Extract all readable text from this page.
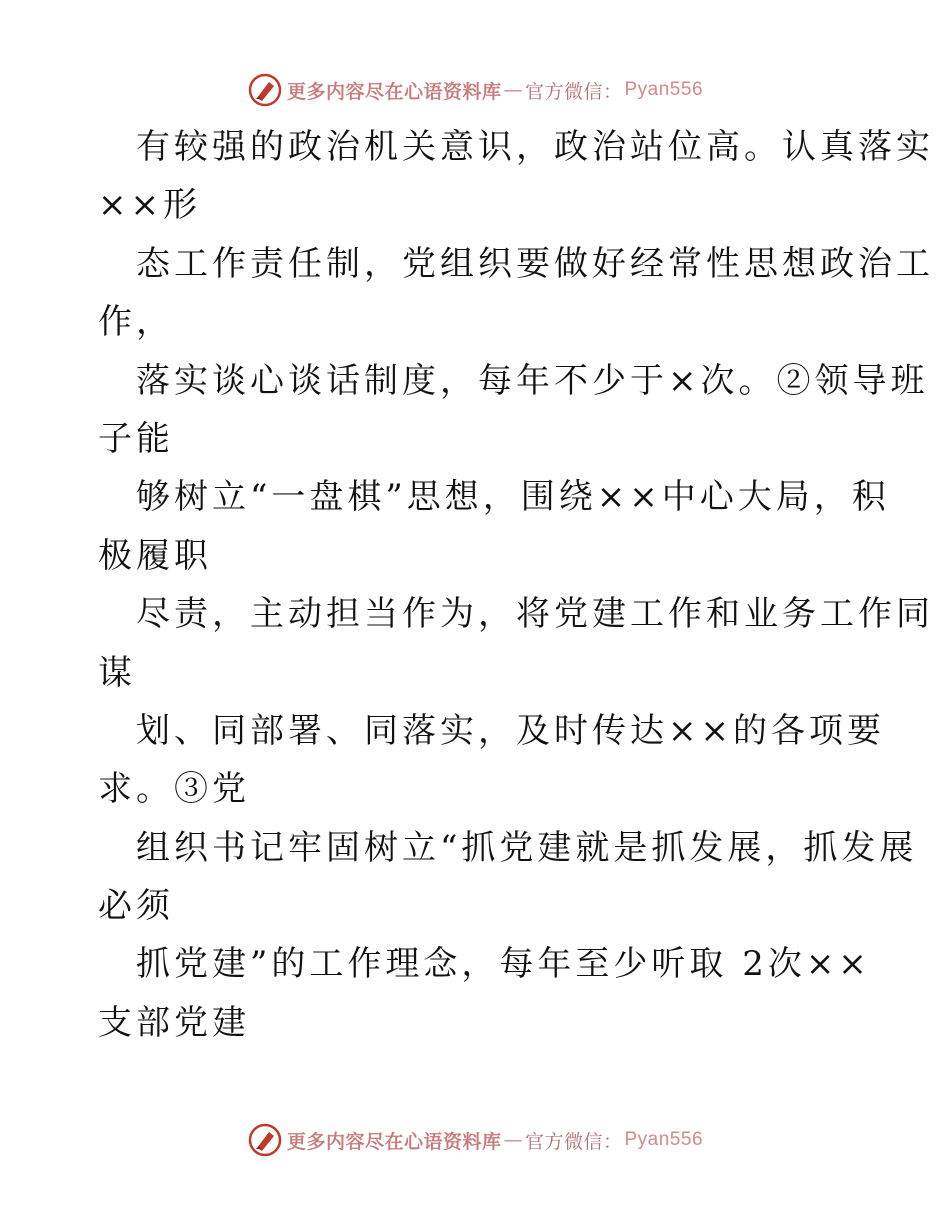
更多内容尽在心语资料库 — 官方微信： Pyan556
有较强的政治机关意识，政治站位高。认真落实
××形
态工作责任制，党组织要做好经常性思想政治工
作，
落实谈心谈话制度，每年不少于×次。②领导班
子能
够树立“一盘棋”思想，围绕××中心大局，积
极履职
尽责，主动担当作为，将党建工作和业务工作同
谋
划、同部署、同落实，及时传达××的各项要
求。③党
组织书记牢固树立“抓党建就是抓发展，抓发展
必须
抓党建”的工作理念，每年至少听取 2次××
支部党建
更多内容尽在心语资料库 — 官方微信： Pyan556
